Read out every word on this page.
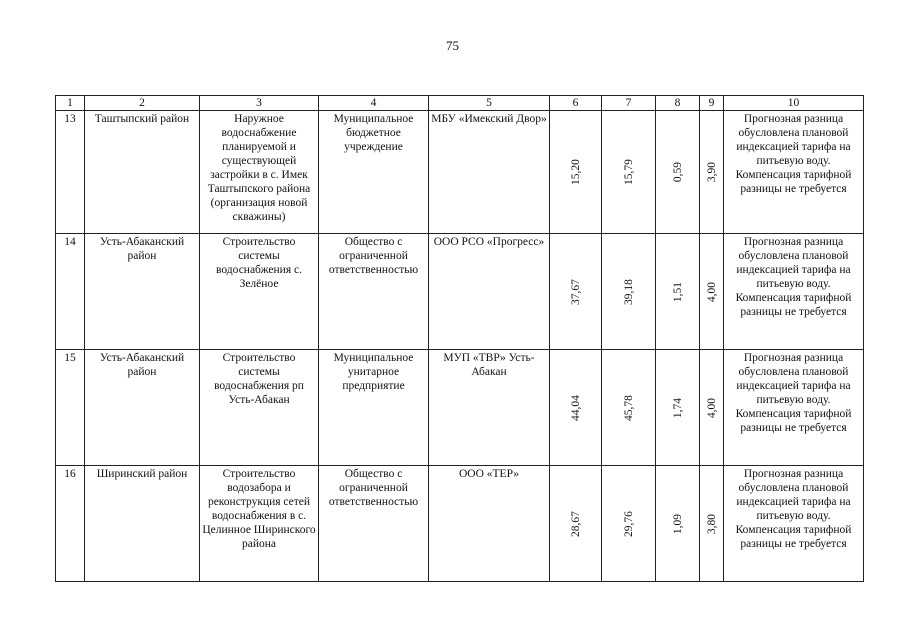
75
1	2	3	4	5	6	7	8	9	10
13	Таштыпский район	Наружное водоснабжение планируемой и существующей застройки в с. Имек Таштыпского района (организация новой скважины)	Муниципальное бюджетное учреждение	МБУ «Имекский Двор»	15,20	15,79	0,59	3,90	Прогнозная разница обусловлена плановой индексацией тарифа на питьевую воду. Компенсация тарифной разницы не требуется
14	Усть-Абаканский район	Строительство системы водоснабжения с. Зелёное	Общество с ограниченной ответственностью	ООО РСО «Прогресс»	37,67	39,18	1,51	4,00	Прогнозная разница обусловлена плановой индексацией тарифа на питьевую воду. Компенсация тарифной разницы не требуется
15	Усть-Абаканский район	Строительство системы водоснабжения рп Усть-Абакан	Муниципальное унитарное предприятие	МУП «ТВР» Усть-Абакан	44,04	45,78	1,74	4,00	Прогнозная разница обусловлена плановой индексацией тарифа на питьевую воду. Компенсация тарифной разницы не требуется
16	Ширинский район	Строительство водозабора и реконструкция сетей водоснабжения в с. Целинное Ширинского района	Общество с ограниченной ответственностью	ООО «ТЕР»	28,67	29,76	1,09	3,80	Прогнозная разница обусловлена плановой индексацией тарифа на питьевую воду. Компенсация тарифной разницы не требуется
